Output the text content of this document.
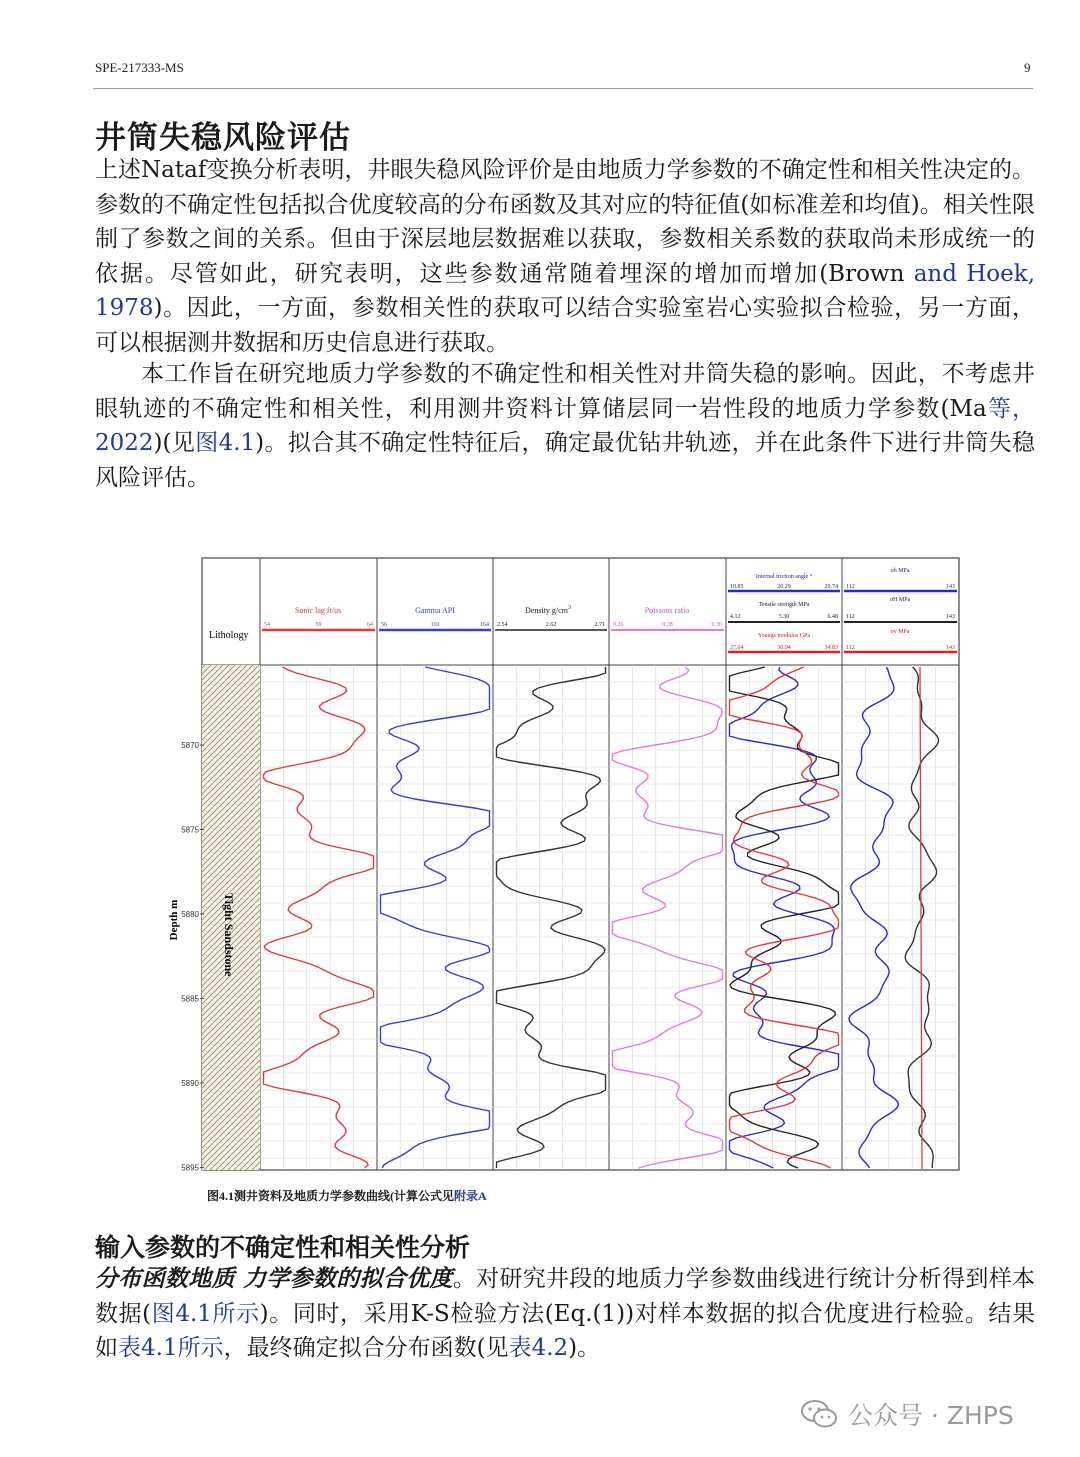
SPE-217333-MS	9
井筒失稳风险评估
上述Nataf变换分析表明，井眼失稳风险评价是由地质力学参数的不确定性和相关性决定的。参数的不确定性包括拟合优度较高的分布函数及其对应的特征值(如标准差和均值)。相关性限制了参数之间的关系。但由于深层地层数据难以获取，参数相关系数的获取尚未形成统一的依据。尽管如此，研究表明，这些参数通常随着埋深的增加而增加(Brown and Hoek, 1978)。因此，一方面，参数相关性的获取可以结合实验室岩心实验拟合检验，另一方面，可以根据测井数据和历史信息进行获取。
本工作旨在研究地质力学参数的不确定性和相关性对井筒失稳的影响。因此，不考虑井眼轨迹的不确定性和相关性，利用测井资料计算储层同一岩性段的地质力学参数(Ma等，2022)(见图4.1)。拟合其不确定性特征后，确定最优钻井轨迹，并在此条件下进行井筒失稳风险评估。
Lithology
Tight Sandstone
Depth m
5870
5875
5880
5885
5890
5895
Sonic lag ft/us	Gamma API	Density $g/cm^3$	Poissons ratio
Internal friction angle °
Tensile strength MPa
Youngs modulus GPa
σh MPa
σH MPa
σv MPa
54	59	64 56	110	164 2.54	2.62	2.71 0.26	0.28	0.30
10.85	20.29	29.74
4.12	5.30	6.48
27.04	30.94	34.83
112	143
112	143
112	143
图4.1测井资料及地质力学参数曲线(计算公式见附录A
输入参数的不确定性和相关性分析
分布函数地质 力学参数的拟合优度。对研究井段的地质力学参数曲线进行统计分析得到样本数据(图4.1所示)。同时，采用K-S检验方法(Eq.(1))对样本数据的拟合优度进行检验。结果如表4.1所示，最终确定拟合分布函数(见表4.2)。
公众号 · ZHPS
